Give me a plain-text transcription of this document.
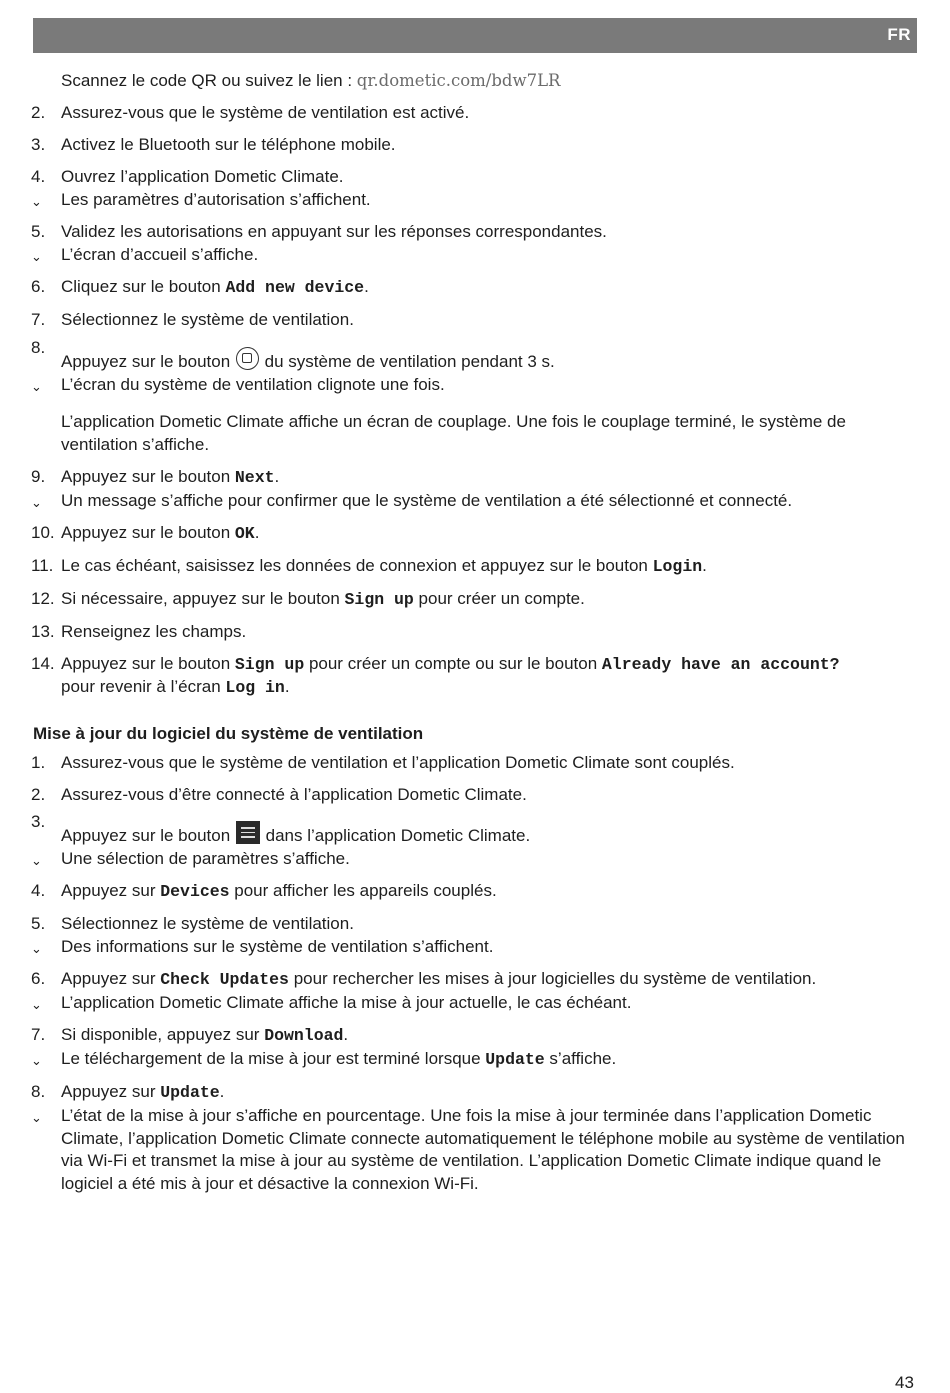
FR
Scannez le code QR ou suivez le lien : qr.dometic.com/bdw7LR
2. Assurez-vous que le système de ventilation est activé.
3. Activez le Bluetooth sur le téléphone mobile.
4. Ouvrez l’application Dometic Climate.
⌄ Les paramètres d’autorisation s’affichent.
5. Validez les autorisations en appuyant sur les réponses correspondantes.
⌄ L’écran d’accueil s’affiche.
6. Cliquez sur le bouton Add new device.
7. Sélectionnez le système de ventilation.
8.
Appuyez sur le bouton
du système de ventilation pendant 3 s.
⌄ L’écran du système de ventilation clignote une fois.
L’application Dometic Climate affiche un écran de couplage. Une fois le couplage terminé, le système de ventilation s’affiche.
9. Appuyez sur le bouton Next.
⌄ Un message s’affiche pour confirmer que le système de ventilation a été sélectionné et connecté.
10. Appuyez sur le bouton OK.
11. Le cas échéant, saisissez les données de connexion et appuyez sur le bouton Login.
12. Si nécessaire, appuyez sur le bouton Sign up pour créer un compte.
13. Renseignez les champs.
14. Appuyez sur le bouton Sign up pour créer un compte ou sur le bouton Already have an account?
pour revenir à l’écran Log in.
Mise à jour du logiciel du système de ventilation
1. Assurez-vous que le système de ventilation et l’application Dometic Climate sont couplés.
2. Assurez-vous d’être connecté à l’application Dometic Climate.
3.
Appuyez sur le bouton
dans l’application Dometic Climate.
⌄ Une sélection de paramètres s’affiche.
4. Appuyez sur Devices pour afficher les appareils couplés.
5. Sélectionnez le système de ventilation.
⌄ Des informations sur le système de ventilation s’affichent.
6. Appuyez sur Check Updates pour rechercher les mises à jour logicielles du système de ventilation.
⌄ L’application Dometic Climate affiche la mise à jour actuelle, le cas échéant.
7. Si disponible, appuyez sur Download.
⌄ Le téléchargement de la mise à jour est terminé lorsque Update s’affiche.
8. Appuyez sur Update.
⌄ L’état de la mise à jour s’affiche en pourcentage. Une fois la mise à jour terminée dans l’application Dometic Climate, l’application Dometic Climate connecte automatiquement le téléphone mobile au système de ventilation via Wi-Fi et transmet la mise à jour au système de ventilation. L’application Dometic Climate indique quand le logiciel a été mis à jour et désactive la connexion Wi-Fi.
43
